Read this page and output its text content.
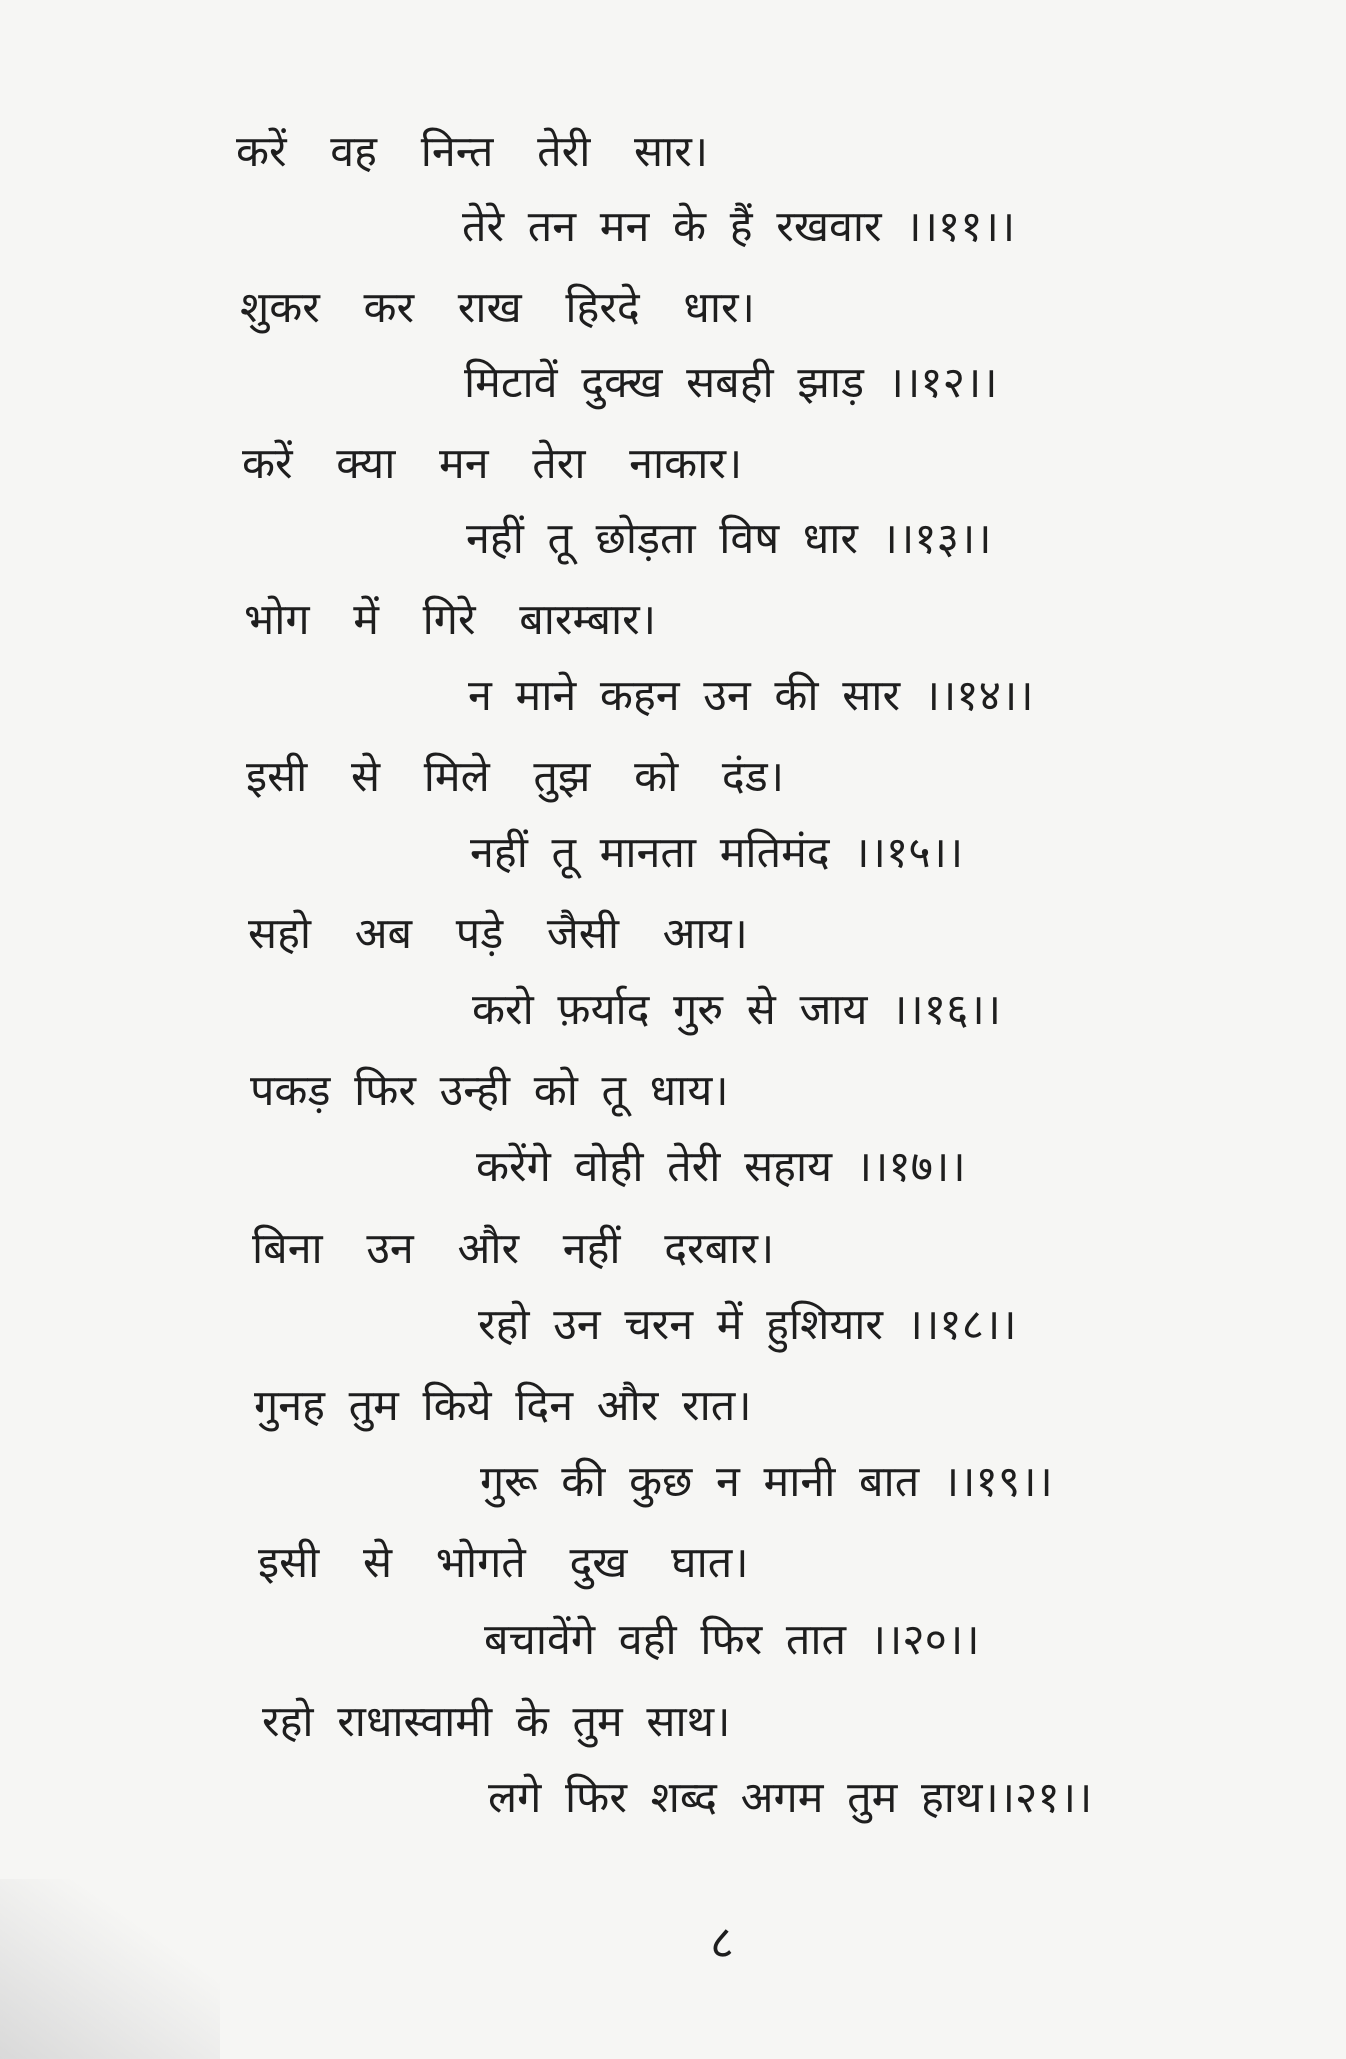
करें वह निन्त तेरी सार।
तेरे तन मन के हैं रखवार ।।११।।
शुकर कर राख हिरदे धार।
मिटावें दुक्ख सबही झाड़ ।।१२।।
करें क्या मन तेरा नाकार।
नहीं तू छोड़ता विष धार ।।१३।।
भोग में गिरे बारम्बार।
न माने कहन उन की सार ।।१४।।
इसी से मिले तुझ को दंड।
नहीं तू मानता मतिमंद ।।१५।।
सहो अब पड़े जैसी आय।
करो फ़र्याद गुरु से जाय ।।१६।।
पकड़ फिर उन्ही को तू धाय।
करेंगे वोही तेरी सहाय ।।१७।।
बिना उन और नहीं दरबार।
रहो उन चरन में हुशियार ।।१८।।
गुनह तुम किये दिन और रात।
गुरू की कुछ न मानी बात ।।१९।।
इसी से भोगते दुख घात।
बचावेंगे वही फिर तात ।।२०।।
रहो राधास्वामी के तुम साथ।
लगे फिर शब्द अगम तुम हाथ।।२१।।
८
